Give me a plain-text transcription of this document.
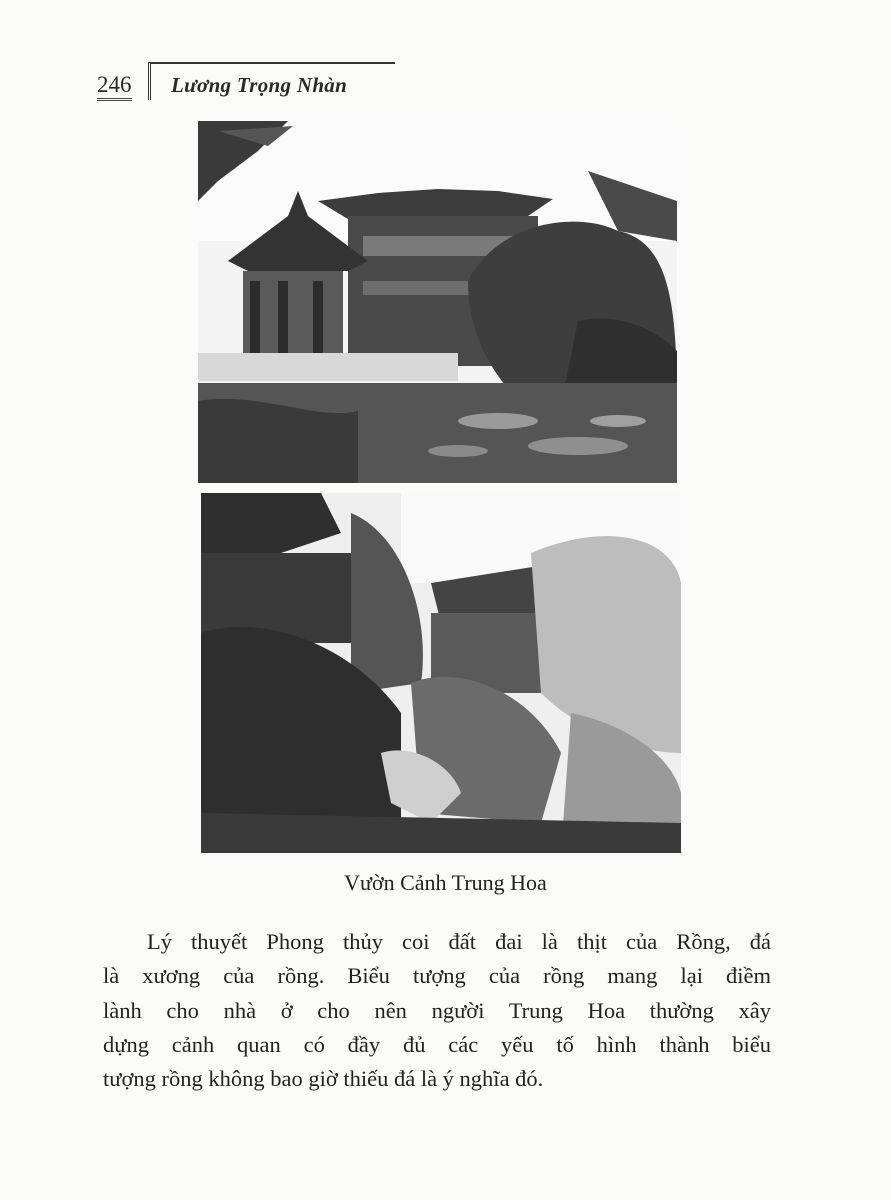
246 Lương Trọng Nhàn
Vườn Cảnh Trung Hoa
Lý thuyết Phong thủy coi đất đai là thịt của Rồng, đá
là xương của rồng. Biểu tượng của rồng mang lại điềm
lành cho nhà ở cho nên người Trung Hoa thường xây
dựng cảnh quan có đầy đủ các yếu tố hình thành biểu
tượng rồng không bao giờ thiếu đá là ý nghĩa đó.
